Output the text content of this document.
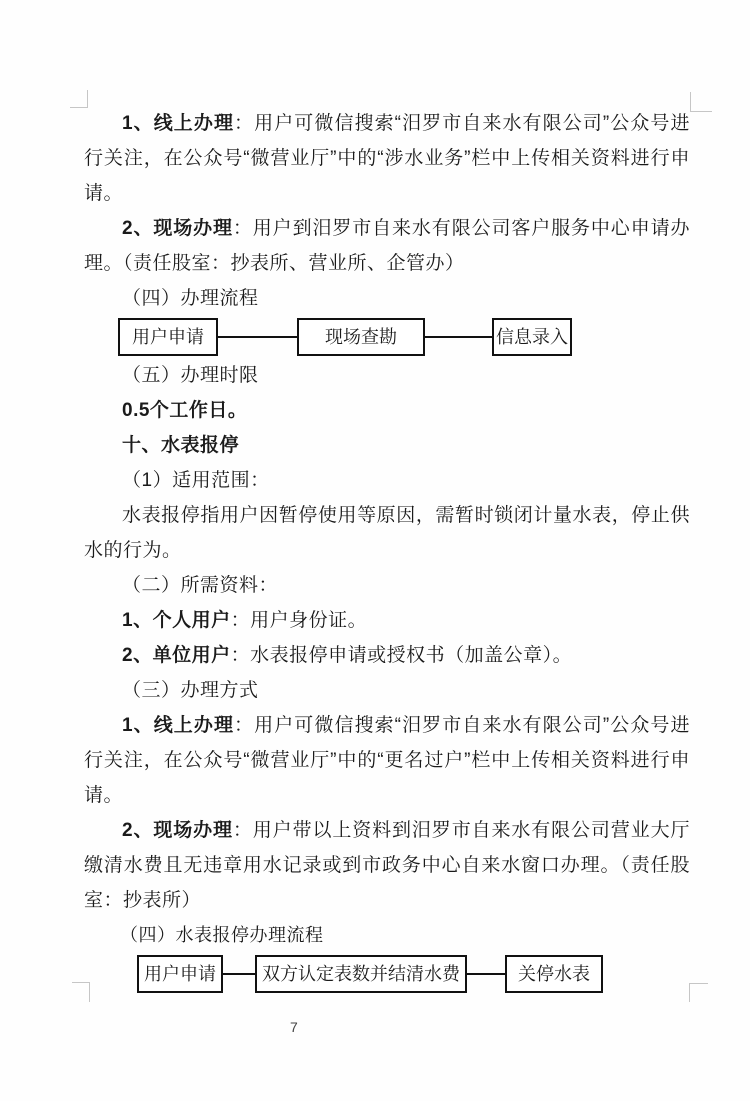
1、线上办理：用户可微信搜索“汨罗市自来水有限公司”公众号进行关注，在公众号“微营业厅”中的“涉水业务”栏中上传相关资料进行申请。

2、现场办理：用户到汨罗市自来水有限公司客户服务中心申请办理。（责任股室：抄表所、营业所、企管办）

（四）办理流程

用户申请	现场查勘	信息录入

（五）办理时限

0.5个工作日。

十、水表报停

（1）适用范围：

水表报停指用户因暂停使用等原因，需暂时锁闭计量水表，停止供水的行为。

（二）所需资料：

1、个人用户：用户身份证。

2、单位用户：水表报停申请或授权书（加盖公章）。

（三）办理方式

1、线上办理：用户可微信搜索“汨罗市自来水有限公司”公众号进行关注，在公众号“微营业厅”中的“更名过户”栏中上传相关资料进行申请。

2、现场办理：用户带以上资料到汨罗市自来水有限公司营业大厅缴清水费且无违章用水记录或到市政务中心自来水窗口办理。（责任股室：抄表所）

（四）水表报停办理流程

用户申请	双方认定表数并结清水费	关停水表
7
